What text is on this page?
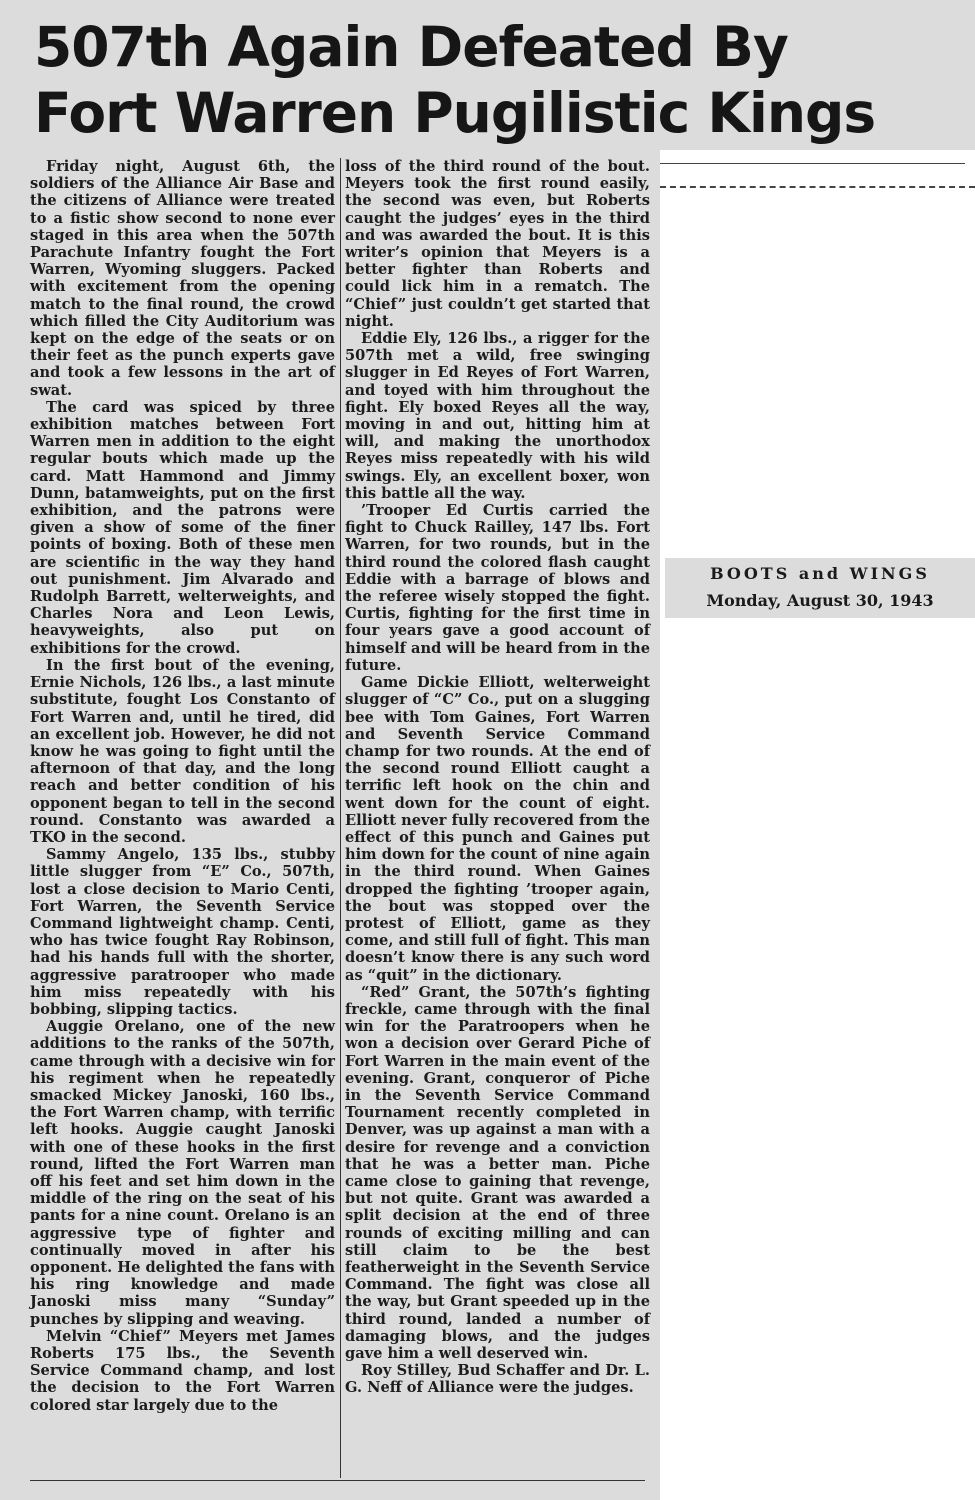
507th Again Defeated By
Fort Warren Pugilistic Kings

Friday night, August 6th, the soldiers of the Alliance Air Base and the citizens of Alliance were treated to a fistic show second to none ever staged in this area when the 507th Parachute Infantry fought the Fort Warren, Wyoming sluggers. Packed with excitement from the opening match to the final round, the crowd which filled the City Auditorium was kept on the edge of the seats or on their feet as the punch experts gave and took a few lessons in the art of swat.

The card was spiced by three exhibition matches between Fort Warren men in addition to the eight regular bouts which made up the card. Matt Hammond and Jimmy Dunn, batamweights, put on the first exhibition, and the patrons were given a show of some of the finer points of boxing. Both of these men are scientific in the way they hand out punishment. Jim Alvarado and Rudolph Barrett, welterweights, and Charles Nora and Leon Lewis, heavyweights, also put on exhibitions for the crowd.

In the first bout of the evening, Ernie Nichols, 126 lbs., a last minute substitute, fought Los Constanto of Fort Warren and, until he tired, did an excellent job. However, he did not know he was going to fight until the afternoon of that day, and the long reach and better condition of his opponent began to tell in the second round. Constanto was awarded a TKO in the second.

Sammy Angelo, 135 lbs., stubby little slugger from “E” Co., 507th, lost a close decision to Mario Centi, Fort Warren, the Seventh Service Command lightweight champ. Centi, who has twice fought Ray Robinson, had his hands full with the shorter, aggressive paratrooper who made him miss repeatedly with his bobbing, slipping tactics.

Auggie Orelano, one of the new additions to the ranks of the 507th, came through with a decisive win for his regiment when he repeatedly smacked Mickey Janoski, 160 lbs., the Fort Warren champ, with terrific left hooks. Auggie caught Janoski with one of these hooks in the first round, lifted the Fort Warren man off his feet and set him down in the middle of the ring on the seat of his pants for a nine count. Orelano is an aggressive type of fighter and continually moved in after his opponent. He delighted the fans with his ring knowledge and made Janoski miss many “Sunday” punches by slipping and weaving.

Melvin “Chief” Meyers met James Roberts 175 lbs., the Seventh Service Command champ, and lost the decision to the Fort Warren colored star largely due to the

loss of the third round of the bout. Meyers took the first round easily, the second was even, but Roberts caught the judges’ eyes in the third and was awarded the bout. It is this writer’s opinion that Meyers is a better fighter than Roberts and could lick him in a rematch. The “Chief” just couldn’t get started that night.

Eddie Ely, 126 lbs., a rigger for the 507th met a wild, free swinging slugger in Ed Reyes of Fort Warren, and toyed with him throughout the fight. Ely boxed Reyes all the way, moving in and out, hitting him at will, and making the unorthodox Reyes miss repeatedly with his wild swings. Ely, an excellent boxer, won this battle all the way.

’Trooper Ed Curtis carried the fight to Chuck Railley, 147 lbs. Fort Warren, for two rounds, but in the third round the colored flash caught Eddie with a barrage of blows and the referee wisely stopped the fight. Curtis, fighting for the first time in four years gave a good account of himself and will be heard from in the future.

Game Dickie Elliott, welterweight slugger of “C” Co., put on a slugging bee with Tom Gaines, Fort Warren and Seventh Service Command champ for two rounds. At the end of the second round Elliott caught a terrific left hook on the chin and went down for the count of eight. Elliott never fully recovered from the effect of this punch and Gaines put him down for the count of nine again in the third round. When Gaines dropped the fighting ’trooper again, the bout was stopped over the protest of Elliott, game as they come, and still full of fight. This man doesn’t know there is any such word as “quit” in the dictionary.

“Red” Grant, the 507th’s fighting freckle, came through with the final win for the Paratroopers when he won a decision over Gerard Piche of Fort Warren in the main event of the evening. Grant, conqueror of Piche in the Seventh Service Command Tournament recently completed in Denver, was up against a man with a desire for revenge and a conviction that he was a better man. Piche came close to gaining that revenge, but not quite. Grant was awarded a split decision at the end of three rounds of exciting milling and can still claim to be the best featherweight in the Seventh Service Command. The fight was close all the way, but Grant speeded up in the third round, landed a number of damaging blows, and the judges gave him a well deserved win.

Roy Stilley, Bud Schaffer and Dr. L. G. Neff of Alliance were the judges.

BOOTS and WINGS
Monday, August 30, 1943
